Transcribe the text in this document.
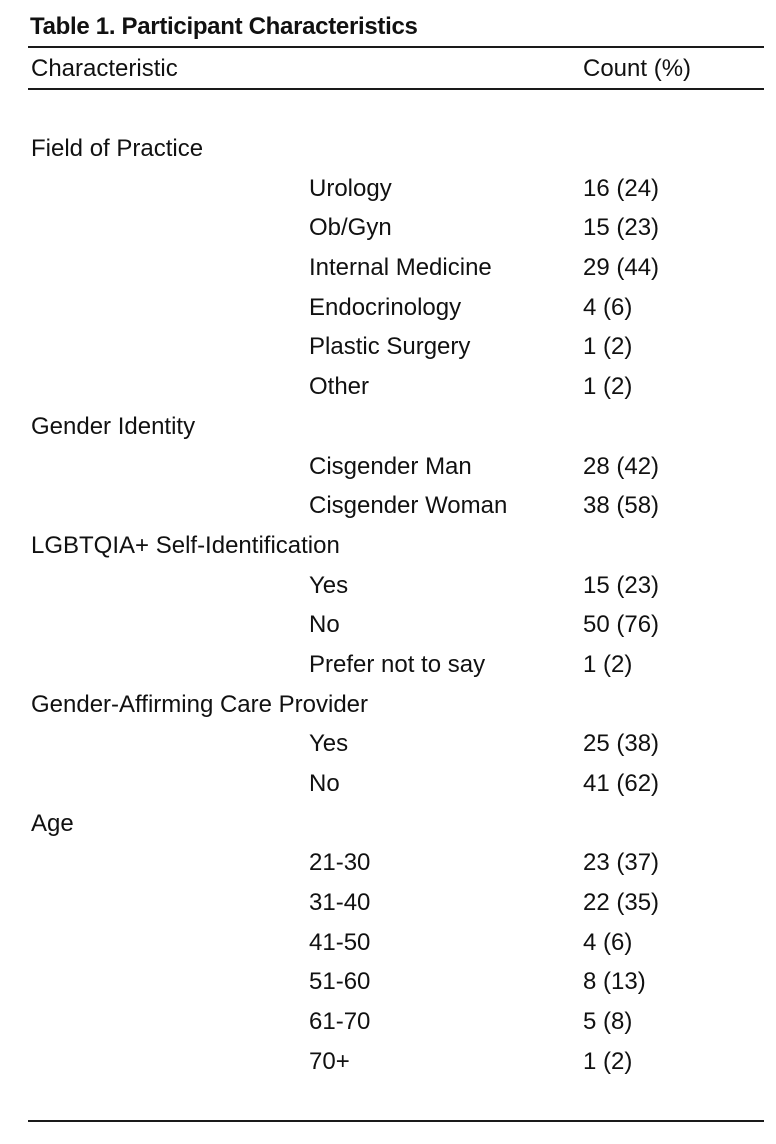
Table 1. Participant Characteristics
Characteristic	Count (%)
Field of Practice
Urology	16 (24)
Ob/Gyn	15 (23)
Internal Medicine	29 (44)
Endocrinology	4 (6)
Plastic Surgery	1 (2)
Other	1 (2)
Gender Identity
Cisgender Man	28 (42)
Cisgender Woman	38 (58)
LGBTQIA+ Self-Identification
Yes	15 (23)
No	50 (76)
Prefer not to say	1 (2)
Gender-Affirming Care Provider
Yes	25 (38)
No	41 (62)
Age
21-30	23 (37)
31-40	22 (35)
41-50	4 (6)
51-60	8 (13)
61-70	5 (8)
70+	1 (2)
